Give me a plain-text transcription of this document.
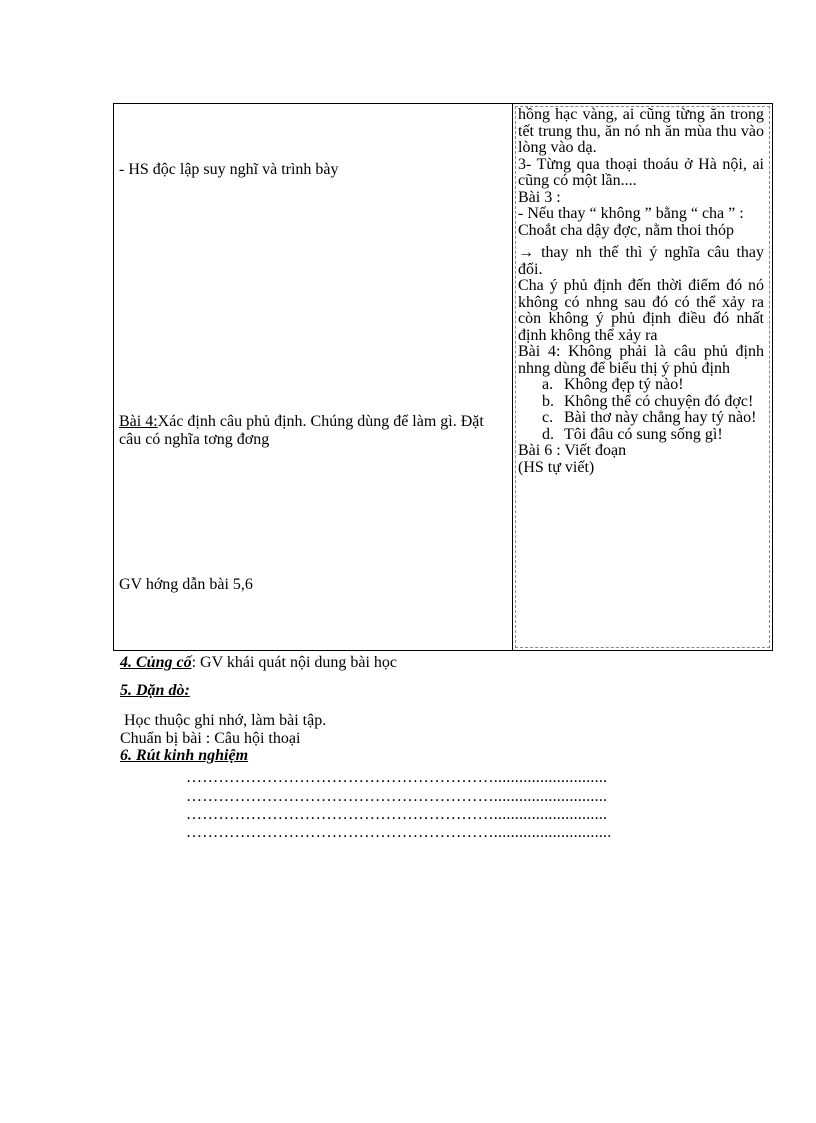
- HS độc lập suy nghĩ và trình bày
Bài 4:Xác định câu phủ định. Chúng dùng để làm gì. Đặt câu có nghĩa tơng đơng
GV hớng dẫn bài 5,6

hồng hạc vàng, ai cũng từng ăn trong tết trung thu, ăn nó nh ăn mùa thu vào lòng vào dạ.

3- Từng qua thoại thoáu ở Hà nội, ai cũng có một lần....

Bài 3 :

- Nếu thay “ không ” bằng “ cha ” :

Choắt cha dậy đợc, nằm thoi thóp

→ thay nh thế thì ý nghĩa câu thay đổi.

Cha ý phủ định đến thời điểm đó nó không có nhng sau đó có thể xảy ra còn không ý phủ định điều đó nhất định không thể xảy ra

Bài 4: Không phải là câu phủ định nhng dùng để biểu thị ý phủ định

a. Không đẹp tý nào!
b. Không thể có chuyện đó đợc!
c. Bài thơ này chẳng hay tý nào!
d. Tôi đâu có sung sống gì!

Bài 6 : Viết đoạn

(HS tự viết)

4. Củng cố: GV khái quát nội dung bài học
5. Dặn dò:
Học thuộc ghi nhớ, làm bài tập.
Chuẩn bị bài : Câu hội thoại
6. Rút kinh nghiệm
…………………………………………………...........................
…………………………………………………...........................
…………………………………………………...........................
…………………………………………………............................
